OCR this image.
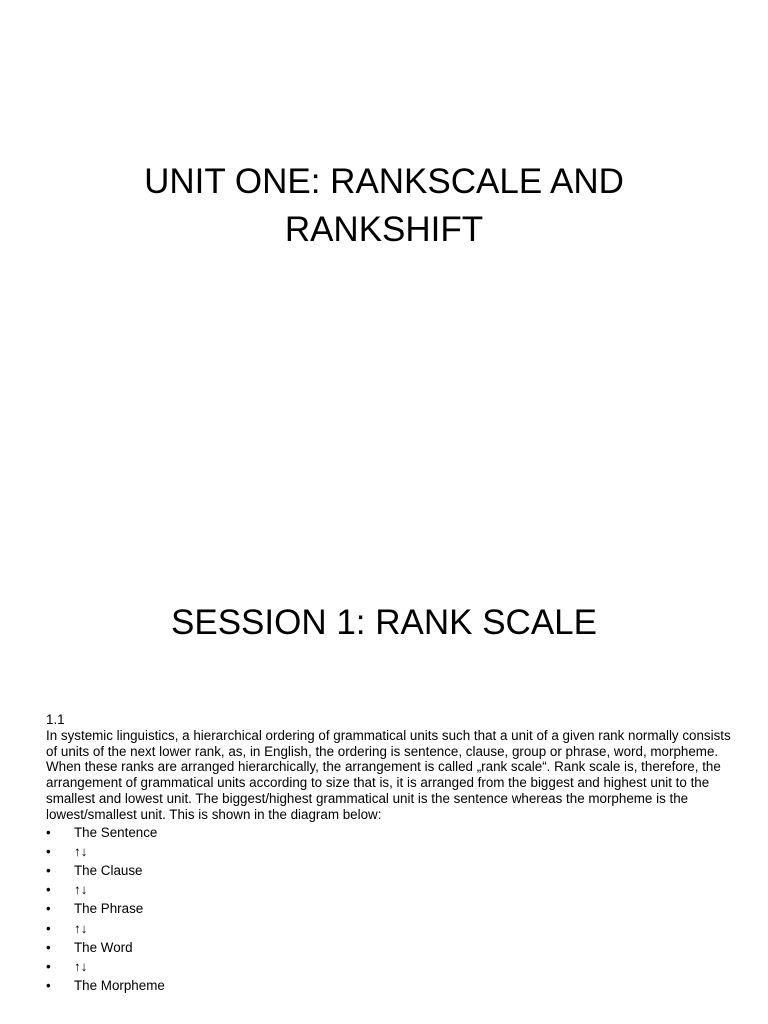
UNIT ONE: RANKSCALE AND RANKSHIFT
SESSION 1: RANK SCALE

1.1

In systemic linguistics, a hierarchical ordering of grammatical units such that a unit of a given rank normally consists of units of the next lower rank, as, in English, the ordering is sentence, clause, group or phrase, word, morpheme.

When these ranks are arranged hierarchically, the arrangement is called „rank scale“. Rank scale is, therefore, the arrangement of grammatical units according to size that is, it is arranged from the biggest and highest unit to the smallest and lowest unit. The biggest/highest grammatical unit is the sentence whereas the morpheme is the lowest/smallest unit. This is shown in the diagram below:

• The Sentence
• ↑↓
• The Clause
• ↑↓
• The Phrase
• ↑↓
• The Word
• ↑↓
• The Morpheme
